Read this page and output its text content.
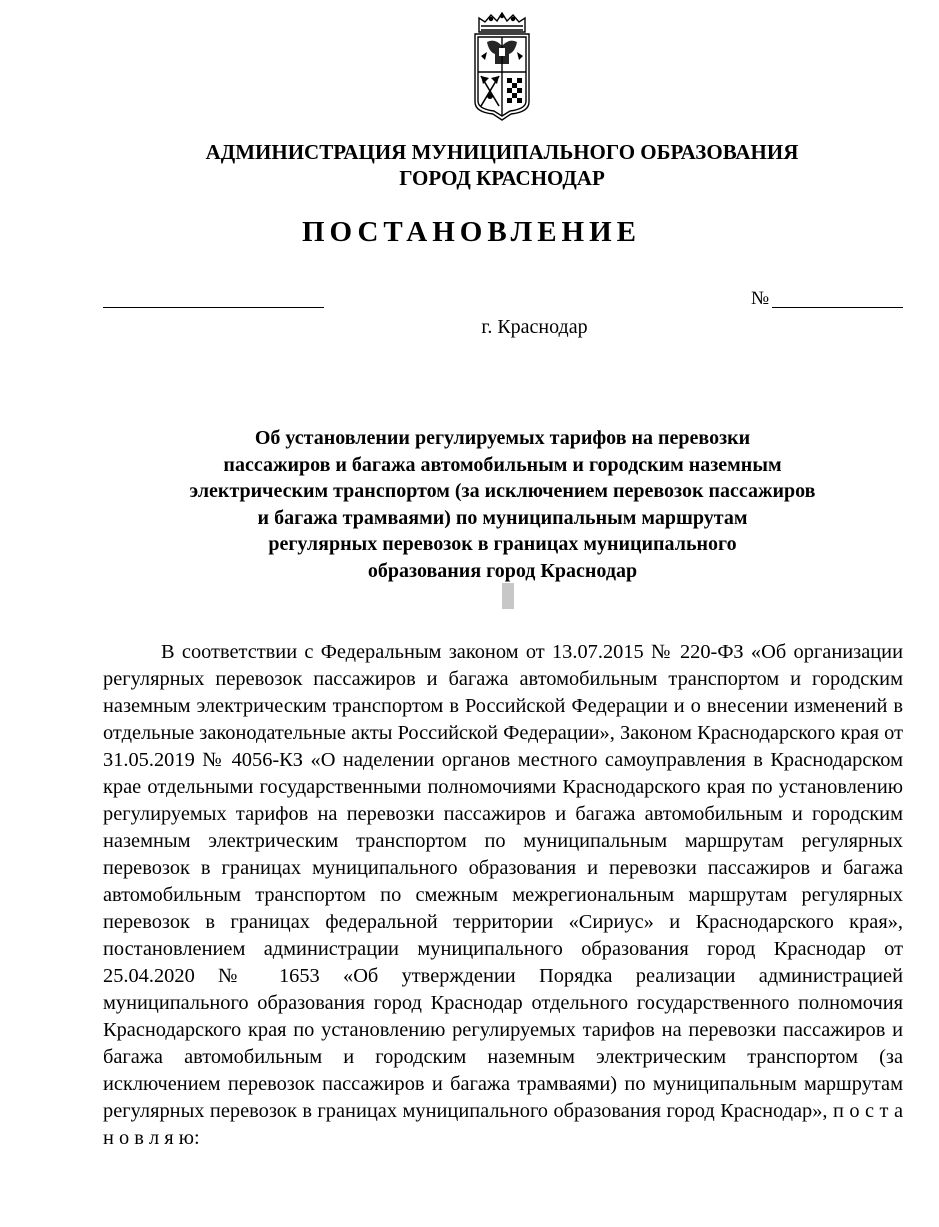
АДМИНИСТРАЦИЯ МУНИЦИПАЛЬНОГО ОБРАЗОВАНИЯ
ГОРОД КРАСНОДАР
ПОСТАНОВЛЕНИЕ
№
г. Краснодар
Об установлении регулируемых тарифов на перевозки
пассажиров и багажа автомобильным и городским наземным
электрическим транспортом (за исключением перевозок пассажиров
и багажа трамваями) по муниципальным маршрутам
регулярных перевозок в границах муниципального
образования город Краснодар

В соответствии с Федеральным законом от 13.07.2015 № 220-ФЗ «Об организации регулярных перевозок пассажиров и багажа автомобильным транспортом и городским наземным электрическим транспортом в Российской Федерации и о внесении изменений в отдельные законодательные акты Российской Федерации», Законом Краснодарского края от 31.05.2019 № 4056-КЗ «О наделении органов местного самоуправления в Краснодарском крае отдельными государственными полномочиями Краснодарского края по установлению регулируемых тарифов на перевозки пассажиров и багажа автомобильным и городским наземным электрическим транспортом по муниципальным маршрутам регулярных перевозок в границах муниципального образования и перевозки пассажиров и багажа автомобильным транспортом по смежным межрегиональным маршрутам регулярных перевозок в границах федеральной территории «Сириус» и Краснодарского края», постановлением администрации муниципального образования город Краснодар от 25.04.2020 № 1653 «Об утверждении Порядка реализации администрацией муниципального образования город Краснодар отдельного государственного полномочия Краснодарского края по установлению регулируемых тарифов на перевозки пассажиров и багажа автомобильным и городским наземным электрическим транспортом (за исключением перевозок пассажиров и багажа трамваями) по муниципальным маршрутам регулярных перевозок в границах муниципального образования город Краснодар», п о с т а н о в л я ю:
